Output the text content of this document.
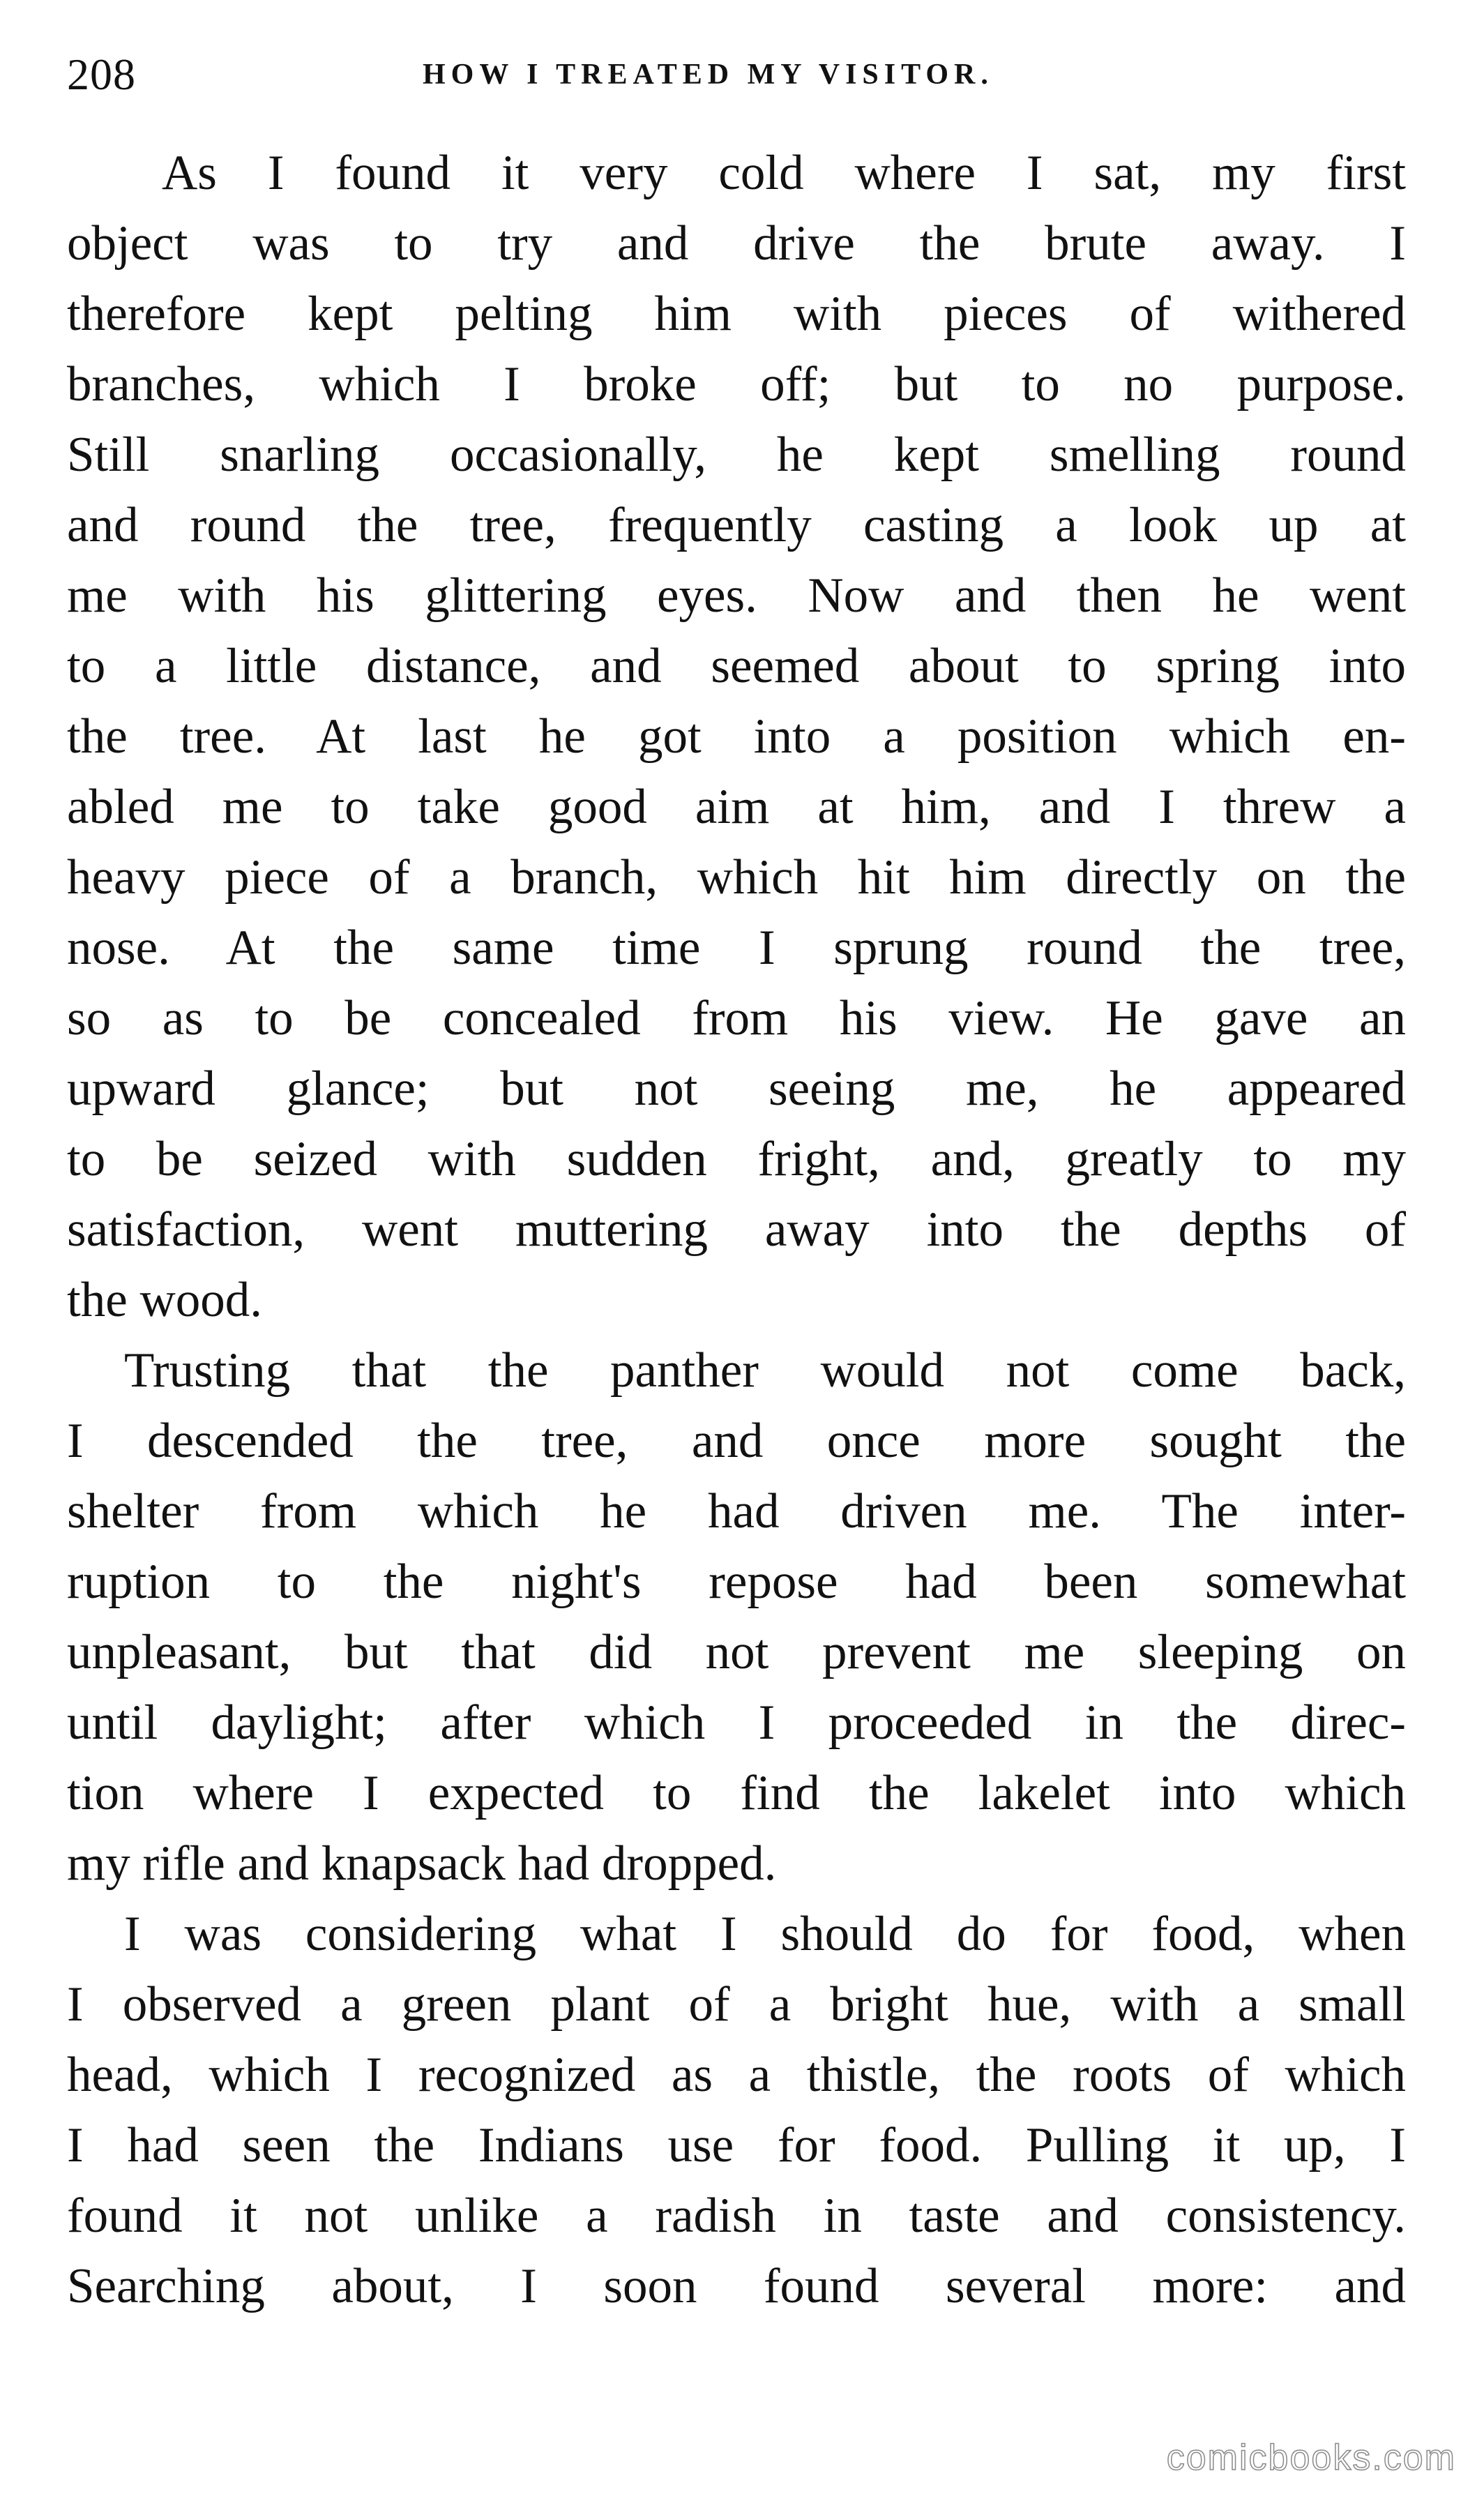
208	HOW I TREATED MY VISITOR.
As I found it very cold where I sat, my first
object was to try and drive the brute away. I
therefore kept pelting him with pieces of withered
branches, which I broke off; but to no purpose.
Still snarling occasionally, he kept smelling round
and round the tree, frequently casting a look up at
me with his glittering eyes. Now and then he went
to a little distance, and seemed about to spring into
the tree. At last he got into a position which en-
abled me to take good aim at him, and I threw a
heavy piece of a branch, which hit him directly on the
nose. At the same time I sprung round the tree,
so as to be concealed from his view. He gave an
upward glance; but not seeing me, he appeared
to be seized with sudden fright, and, greatly to my
satisfaction, went muttering away into the depths of
the wood.
Trusting that the panther would not come back,
I descended the tree, and once more sought the
shelter from which he had driven me. The inter-
ruption to the night's repose had been somewhat
unpleasant, but that did not prevent me sleeping on
until daylight; after which I proceeded in the direc-
tion where I expected to find the lakelet into which
my rifle and knapsack had dropped.
I was considering what I should do for food, when
I observed a green plant of a bright hue, with a small
head, which I recognized as a thistle, the roots of which
I had seen the Indians use for food. Pulling it up, I
found it not unlike a radish in taste and consistency.
Searching about, I soon found several more: and
comicbooks.com
